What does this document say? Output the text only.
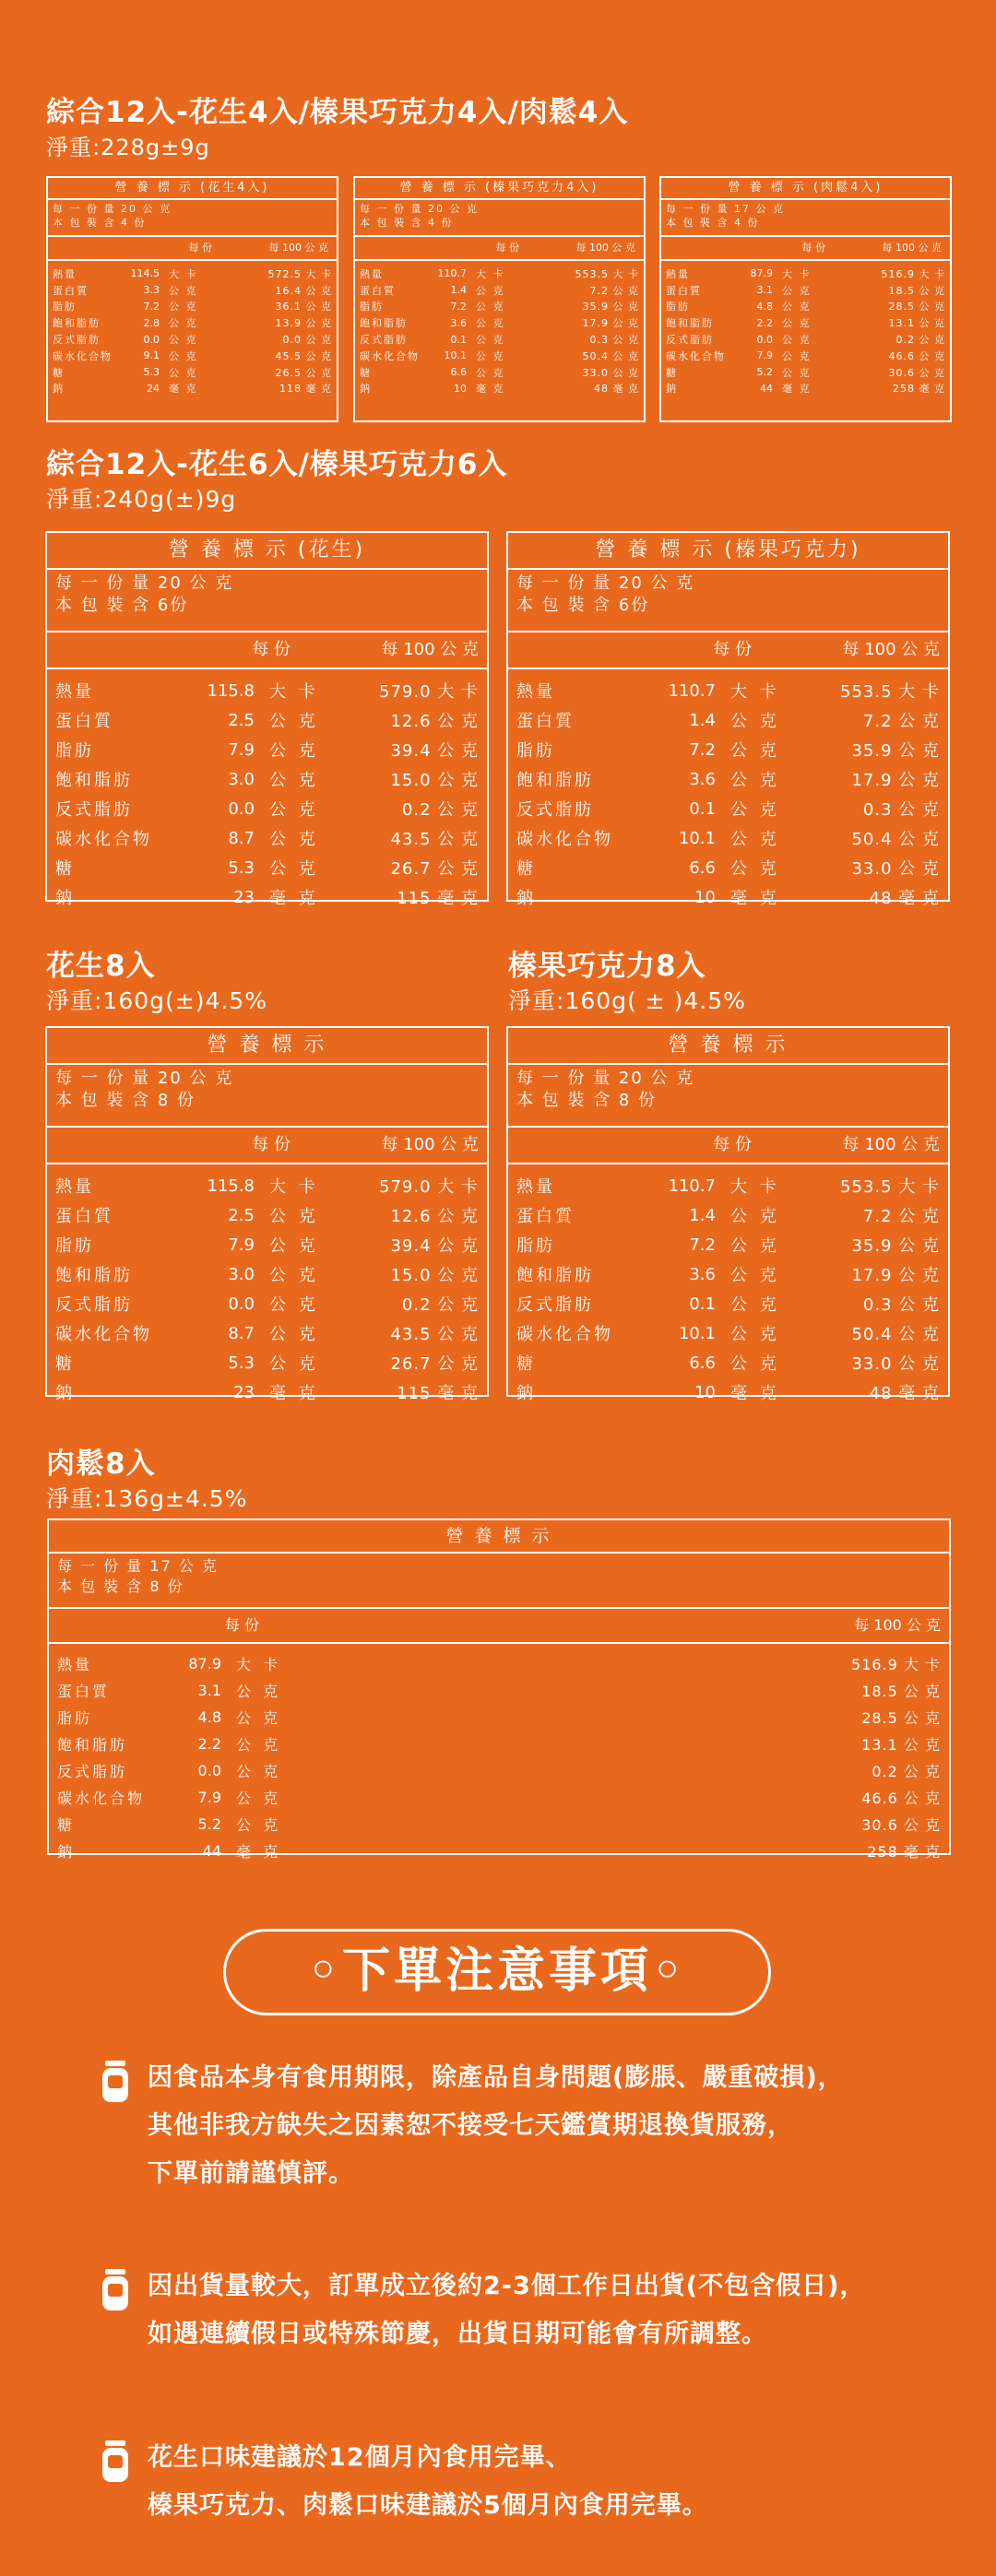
綜合12入-花生4入/榛果巧克力4入/肉鬆4入
淨重:228g±9g
營 養 標 示 (花生4入)
每 一 份 量 20 公 克
本 包 裝 含 4 份
每 份	每 100 公 克
熱量	114.5 大 卡	572.5 大 卡
蛋白質	3.3 公 克	16.4 公 克
脂肪	7.2 公 克	36.1 公 克
飽和脂肪	2.8 公 克	13.9 公 克
反式脂肪	0.0 公 克	0.0 公 克
碳水化合物	9.1 公 克	45.5 公 克
糖	5.3 公 克	26.5 公 克
鈉	24 毫 克	118 毫 克
營 養 標 示 (榛果巧克力4入)
每 一 份 量 20 公 克
本 包 裝 含 4 份
每 份	每 100 公 克
熱量	110.7 大 卡	553.5 大 卡
蛋白質	1.4 公 克	7.2 公 克
脂肪	7.2 公 克	35.9 公 克
飽和脂肪	3.6 公 克	17.9 公 克
反式脂肪	0.1 公 克	0.3 公 克
碳水化合物	10.1 公 克	50.4 公 克
糖	6.6 公 克	33.0 公 克
鈉	10 毫 克	48 毫 克
營 養 標 示 (肉鬆4入)
每 一 份 量 17 公 克
本 包 裝 含 4 份
每 份	每 100 公 克
熱量	87.9 大 卡	516.9 大 卡
蛋白質	3.1 公 克	18.5 公 克
脂肪	4.8 公 克	28.5 公 克
飽和脂肪	2.2 公 克	13.1 公 克
反式脂肪	0.0 公 克	0.2 公 克
碳水化合物	7.9 公 克	46.6 公 克
糖	5.2 公 克	30.6 公 克
鈉	44 毫 克	258 毫 克
綜合12入-花生6入/榛果巧克力6入
淨重:240g(±)9g
營 養 標 示 (花生)
每 一 份 量 20 公 克
本 包 裝 含 6份
每 份	每 100 公 克
熱量	115.8 大 卡	579.0 大 卡
蛋白質	2.5 公 克	12.6 公 克
脂肪	7.9 公 克	39.4 公 克
飽和脂肪	3.0 公 克	15.0 公 克
反式脂肪	0.0 公 克	0.2 公 克
碳水化合物	8.7 公 克	43.5 公 克
糖	5.3 公 克	26.7 公 克
鈉	23 毫 克	115 毫 克
營 養 標 示 (榛果巧克力)
每 一 份 量 20 公 克
本 包 裝 含 6份
每 份	每 100 公 克
熱量	110.7 大 卡	553.5 大 卡
蛋白質	1.4 公 克	7.2 公 克
脂肪	7.2 公 克	35.9 公 克
飽和脂肪	3.6 公 克	17.9 公 克
反式脂肪	0.1 公 克	0.3 公 克
碳水化合物	10.1 公 克	50.4 公 克
糖	6.6 公 克	33.0 公 克
鈉	10 毫 克	48 毫 克
花生8入
淨重:160g(±)4.5%
榛果巧克力8入
淨重:160g( ± )4.5%
營 養 標 示
每 一 份 量 20 公 克
本 包 裝 含 8 份
每 份	每 100 公 克
熱量	115.8 大 卡	579.0 大 卡
蛋白質	2.5 公 克	12.6 公 克
脂肪	7.9 公 克	39.4 公 克
飽和脂肪	3.0 公 克	15.0 公 克
反式脂肪	0.0 公 克	0.2 公 克
碳水化合物	8.7 公 克	43.5 公 克
糖	5.3 公 克	26.7 公 克
鈉	23 毫 克	115 毫 克
營 養 標 示
每 一 份 量 20 公 克
本 包 裝 含 8 份
每 份	每 100 公 克
熱量	110.7 大 卡	553.5 大 卡
蛋白質	1.4 公 克	7.2 公 克
脂肪	7.2 公 克	35.9 公 克
飽和脂肪	3.6 公 克	17.9 公 克
反式脂肪	0.1 公 克	0.3 公 克
碳水化合物	10.1 公 克	50.4 公 克
糖	6.6 公 克	33.0 公 克
鈉	10 毫 克	48 毫 克
肉鬆8入
淨重:136g±4.5%
營 養 標 示
每 一 份 量 17 公 克
本 包 裝 含 8 份
每 份	每 100 公 克
熱量	87.9	大 卡	516.9 大 卡
蛋白質	3.1	公 克	18.5 公 克
脂肪	4.8	公 克	28.5 公 克
飽和脂肪	2.2	公 克	13.1 公 克
反式脂肪	0.0	公 克	0.2 公 克
碳水化合物	7.9	公 克	46.6 公 克
糖	5.2	公 克	30.6 公 克
鈉	44	毫 克	258 毫 克
◦下單注意事項◦
因食品本身有食用期限，除產品自身問題(膨脹、嚴重破損)，
其他非我方缺失之因素恕不接受七天鑑賞期退換貨服務，
下單前請謹慎評。
因出貨量較大，訂單成立後約2-3個工作日出貨(不包含假日)，
如遇連續假日或特殊節慶，出貨日期可能會有所調整。
花生口味建議於12個月內食用完畢、
榛果巧克力、肉鬆口味建議於5個月內食用完畢。
